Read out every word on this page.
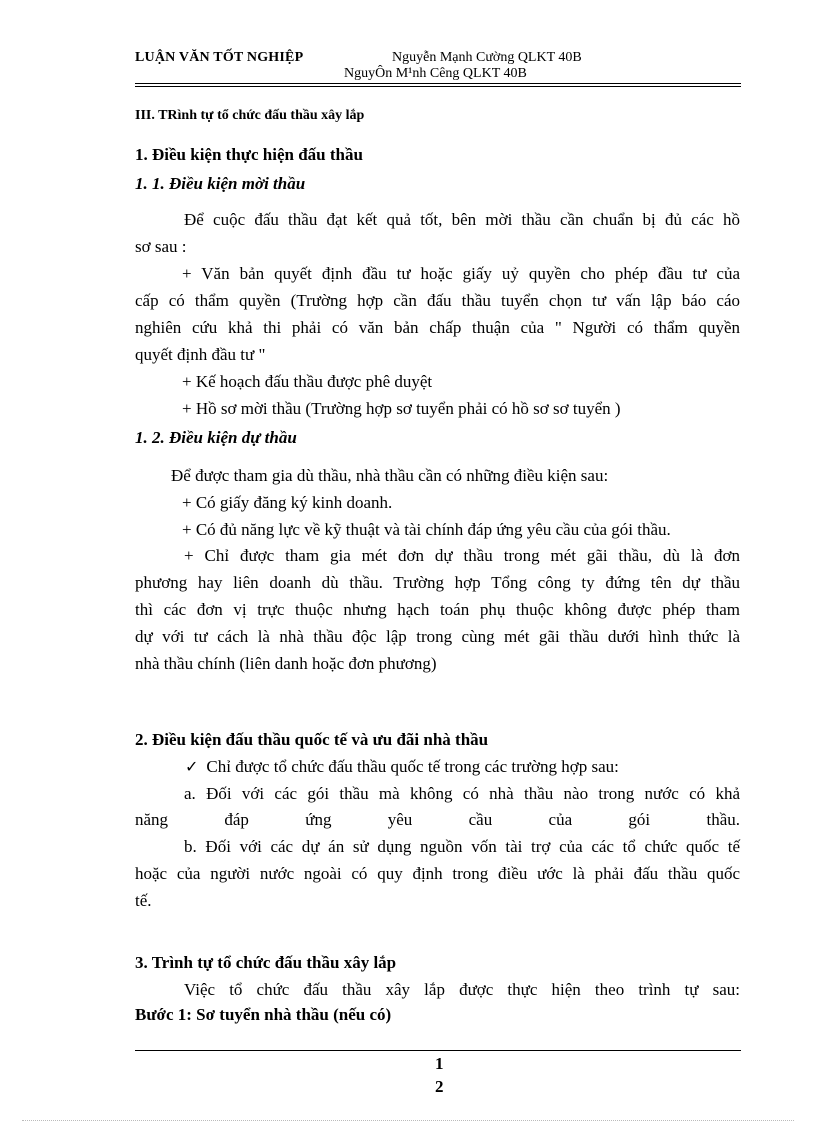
LUẬN VĂN TỐT NGHIỆP	Nguyễn Mạnh Cường QLKT 40B
NguyÔn M¹nh Cêng QLKT 40B
III. TRình tự tổ chức đấu thầu xây lắp
1. Điều kiện thực hiện đấu thầu
1. 1. Điều kiện mời thầu
Để cuộc đấu thầu đạt kết quả tốt, bên mời thầu cần chuẩn bị đủ các hồ
sơ sau :
+ Văn bản quyết định đầu tư hoặc giấy uỷ quyền cho phép đầu tư của
cấp có thẩm quyền (Trường hợp cần đấu thầu tuyển chọn tư vấn lập báo cáo
nghiên cứu khả thi phải có văn bản chấp thuận của " Người có thẩm quyền
quyết định đầu tư "
+ Kế hoạch đấu thầu được phê duyệt
+ Hồ sơ mời thầu (Trường hợp sơ tuyển phải có hồ sơ sơ tuyển )
1. 2. Điều kiện dự thầu
Để được tham gia dù thầu, nhà thầu cần có những điều kiện sau:
+ Có giấy đăng ký kinh doanh.
+ Có đủ năng lực về kỹ thuật và tài chính đáp ứng yêu cầu của gói thầu.
+ Chỉ được tham gia mét đơn dự thầu trong mét gãi thầu, dù là đơn
phương hay liên doanh dù thầu. Trường hợp Tổng công ty đứng tên dự thầu
thì các đơn vị trực thuộc nhưng hạch toán phụ thuộc không được phép tham
dự với tư cách là nhà thầu độc lập trong cùng mét gãi thầu dưới hình thức là
nhà thầu chính (liên danh hoặc đơn phương)
2. Điều kiện đấu thầu quốc tế và ưu đãi nhà thầu
✓ Chỉ được tổ chức đấu thầu quốc tế trong các trường hợp sau:
a. Đối với các gói thầu mà không có nhà thầu nào trong nước có khả
năng đáp ứng yêu cầu của gói thầu.
b. Đối với các dự án sử dụng nguồn vốn tài trợ của các tổ chức quốc tế
hoặc của người nước ngoài có quy định trong điều ước là phải đấu thầu quốc
tế.
3. Trình tự tổ chức đấu thầu xây lắp
Việc tổ chức đấu thầu xây lắp được thực hiện theo trình tự sau:
Bước 1: Sơ tuyển nhà thầu (nếu có)
1
2
